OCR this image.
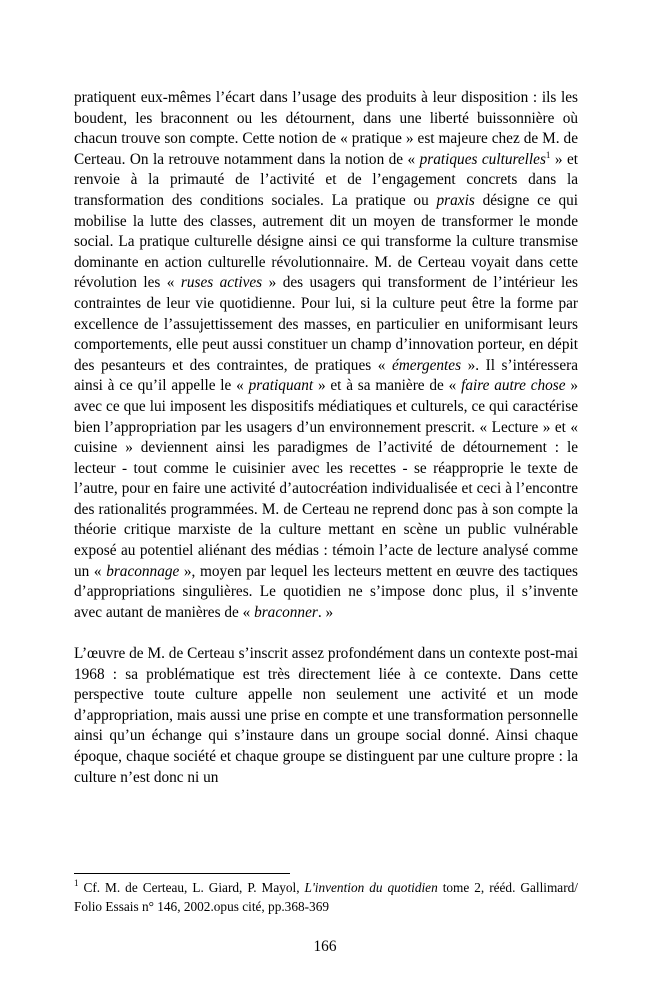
pratiquent eux-mêmes l’écart dans l’usage des produits à leur disposition : ils les boudent, les braconnent ou les détournent, dans une liberté buissonnière où chacun trouve son compte. Cette notion de « pratique » est majeure chez de M. de Certeau. On la retrouve notamment dans la notion de « pratiques culturelles$^1$ » et renvoie à la primauté de l’activité et de l’engagement concrets dans la transformation des conditions sociales. La pratique ou praxis désigne ce qui mobilise la lutte des classes, autrement dit un moyen de transformer le monde social. La pratique culturelle désigne ainsi ce qui transforme la culture transmise dominante en action culturelle révolutionnaire. M. de Certeau voyait dans cette révolution les « ruses actives » des usagers qui transforment de l’intérieur les contraintes de leur vie quotidienne. Pour lui, si la culture peut être la forme par excellence de l’assujettissement des masses, en particulier en uniformisant leurs comportements, elle peut aussi constituer un champ d’innovation porteur, en dépit des pesanteurs et des contraintes, de pratiques « émergentes ». Il s’intéressera ainsi à ce qu’il appelle le « pratiquant » et à sa manière de « faire autre chose » avec ce que lui imposent les dispositifs médiatiques et culturels, ce qui caractérise bien l’appropriation par les usagers d’un environnement prescrit. « Lecture » et « cuisine » deviennent ainsi les paradigmes de l’activité de détournement : le lecteur - tout comme le cuisinier avec les recettes - se réapproprie le texte de l’autre, pour en faire une activité d’autocréation individualisée et ceci à l’encontre des rationalités programmées. M. de Certeau ne reprend donc pas à son compte la théorie critique marxiste de la culture mettant en scène un public vulnérable exposé au potentiel aliénant des médias : témoin l’acte de lecture analysé comme un « braconnage », moyen par lequel les lecteurs mettent en œuvre des tactiques d’appropriations singulières. Le quotidien ne s’impose donc plus, il s’invente avec autant de manières de « braconner. »

L’œuvre de M. de Certeau s’inscrit assez profondément dans un contexte post-mai 1968 : sa problématique est très directement liée à ce contexte. Dans cette perspective toute culture appelle non seulement une activité et un mode d’appropriation, mais aussi une prise en compte et une transformation personnelle ainsi qu’un échange qui s’instaure dans un groupe social donné. Ainsi chaque époque, chaque société et chaque groupe se distinguent par une culture propre : la culture n’est donc ni un

$^1$ Cf. M. de Certeau, L. Giard, P. Mayol, L'invention du quotidien tome 2, rééd. Gallimard/ Folio Essais n° 146, 2002.opus cité, pp.368-369

166
